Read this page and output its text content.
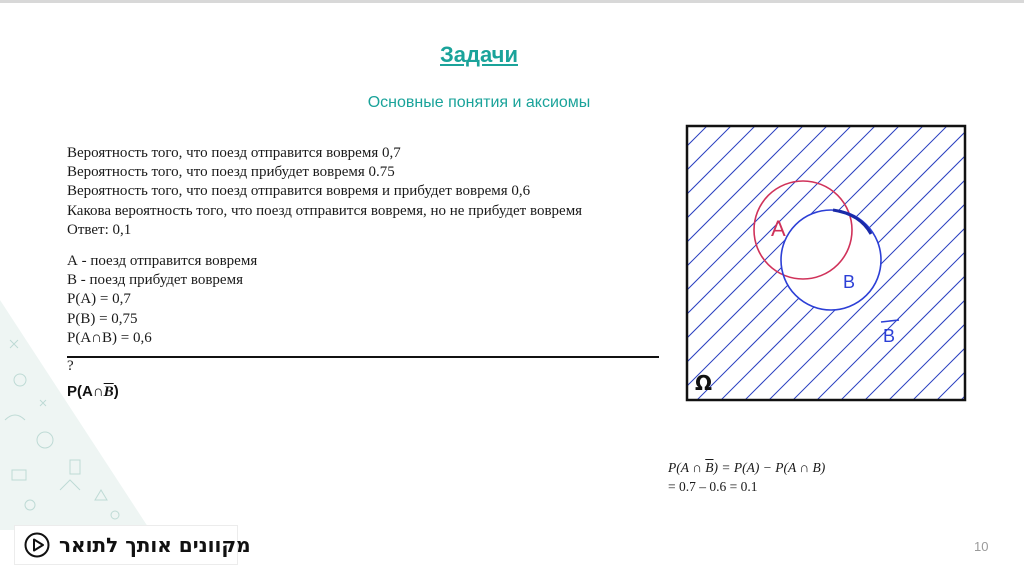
Задачи
Основные понятия и аксиомы
Вероятность того, что поезд отправится вовремя 0,7
Вероятность того, что поезд прибудет вовремя 0.75
Вероятность того, что поезд отправится вовремя и прибудет вовремя 0,6
Какова вероятность того, что поезд отправится вовремя, но не прибудет вовремя
Ответ: 0,1
А - поезд отправится вовремя
В - поезд прибудет вовремя
Р(А) = 0,7
Р(В) = 0,75
Р(А∩В) = 0,6
?
$P(A\cap\overline{B})$
A
B
B
Ω
P(A ∩ $\overline{B}) = P(A) - P(A$ ∩ B)
= 0.7 – 0.6 = 0.1
10
מקוונים אותך לתואר
